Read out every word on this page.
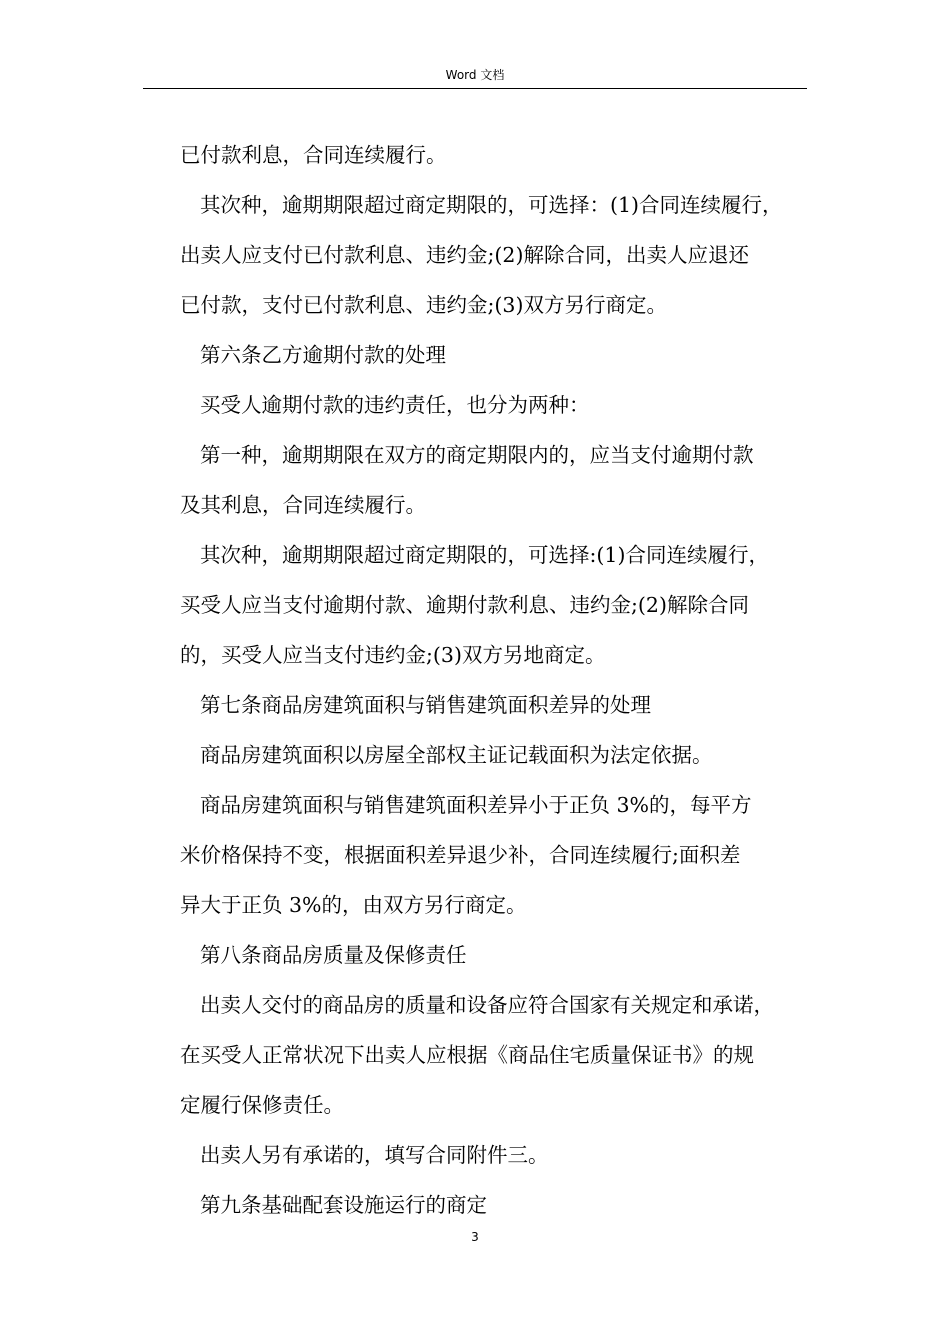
Word 文档
已付款利息，合同连续履行。
其次种，逾期期限超过商定期限的，可选择：(1)合同连续履行，
出卖人应支付已付款利息、违约金;(2)解除合同，出卖人应退还
已付款，支付已付款利息、违约金;(3)双方另行商定。
第六条乙方逾期付款的处理
买受人逾期付款的违约责任，也分为两种：
第一种，逾期期限在双方的商定期限内的，应当支付逾期付款
及其利息，合同连续履行。
其次种，逾期期限超过商定期限的，可选择:(1)合同连续履行，
买受人应当支付逾期付款、逾期付款利息、违约金;(2)解除合同
的，买受人应当支付违约金;(3)双方另地商定。
第七条商品房建筑面积与销售建筑面积差异的处理
商品房建筑面积以房屋全部权主证记载面积为法定依据。
商品房建筑面积与销售建筑面积差异小于正负 3%的，每平方
米价格保持不变，根据面积差异退少补，合同连续履行;面积差
异大于正负 3%的，由双方另行商定。
第八条商品房质量及保修责任
出卖人交付的商品房的质量和设备应符合国家有关规定和承诺，
在买受人正常状况下出卖人应根据《商品住宅质量保证书》的规
定履行保修责任。
出卖人另有承诺的，填写合同附件三。
第九条基础配套设施运行的商定
3
